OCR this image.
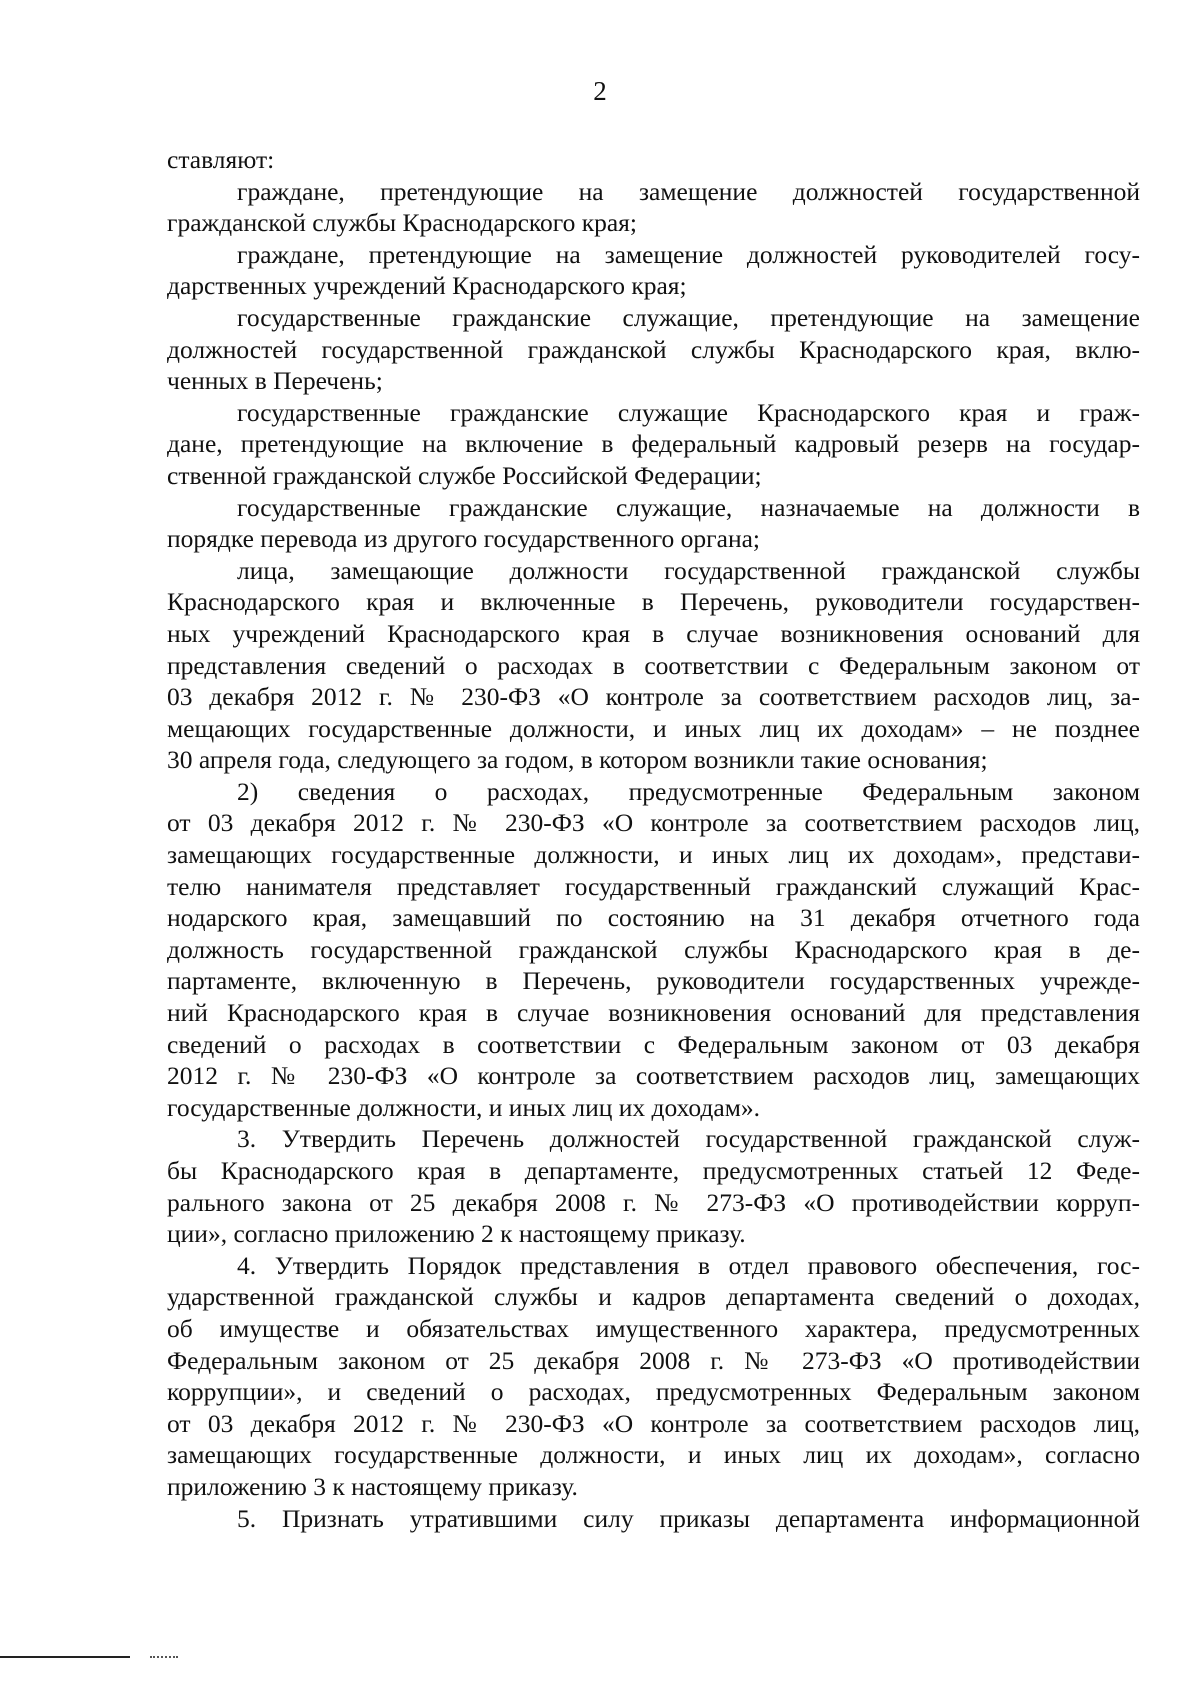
2
ставляют:
граждане, претендующие на замещение должностей государственной
гражданской службы Краснодарского края;
граждане, претендующие на замещение должностей руководителей госу-
дарственных учреждений Краснодарского края;
государственные гражданские служащие, претендующие на замещение
должностей государственной гражданской службы Краснодарского края, вклю-
ченных в Перечень;
государственные гражданские служащие Краснодарского края и граж-
дане, претендующие на включение в федеральный кадровый резерв на государ-
ственной гражданской службе Российской Федерации;
государственные гражданские служащие, назначаемые на должности в
порядке перевода из другого государственного органа;
лица, замещающие должности государственной гражданской службы
Краснодарского края и включенные в Перечень, руководители государствен-
ных учреждений Краснодарского края в случае возникновения оснований для
представления сведений о расходах в соответствии с Федеральным законом от
03 декабря 2012 г. № 230-ФЗ «О контроле за соответствием расходов лиц, за-
мещающих государственные должности, и иных лиц их доходам» – не позднее
30 апреля года, следующего за годом, в котором возникли такие основания;
2) сведения о расходах, предусмотренные Федеральным законом
от 03 декабря 2012 г. № 230-ФЗ «О контроле за соответствием расходов лиц,
замещающих государственные должности, и иных лиц их доходам», представи-
телю нанимателя представляет государственный гражданский служащий Крас-
нодарского края, замещавший по состоянию на 31 декабря отчетного года
должность государственной гражданской службы Краснодарского края в де-
партаменте, включенную в Перечень, руководители государственных учрежде-
ний Краснодарского края в случае возникновения оснований для представления
сведений о расходах в соответствии с Федеральным законом от 03 декабря
2012 г. № 230-ФЗ «О контроле за соответствием расходов лиц, замещающих
государственные должности, и иных лиц их доходам».
3. Утвердить Перечень должностей государственной гражданской служ-
бы Краснодарского края в департаменте, предусмотренных статьей 12 Феде-
рального закона от 25 декабря 2008 г. № 273-ФЗ «О противодействии корруп-
ции», согласно приложению 2 к настоящему приказу.
4. Утвердить Порядок представления в отдел правового обеспечения, гос-
ударственной гражданской службы и кадров департамента сведений о доходах,
об имуществе и обязательствах имущественного характера, предусмотренных
Федеральным законом от 25 декабря 2008 г. № 273-ФЗ «О противодействии
коррупции», и сведений о расходах, предусмотренных Федеральным законом
от 03 декабря 2012 г. № 230-ФЗ «О контроле за соответствием расходов лиц,
замещающих государственные должности, и иных лиц их доходам», согласно
приложению 3 к настоящему приказу.
5. Признать утратившими силу приказы департамента информационной
